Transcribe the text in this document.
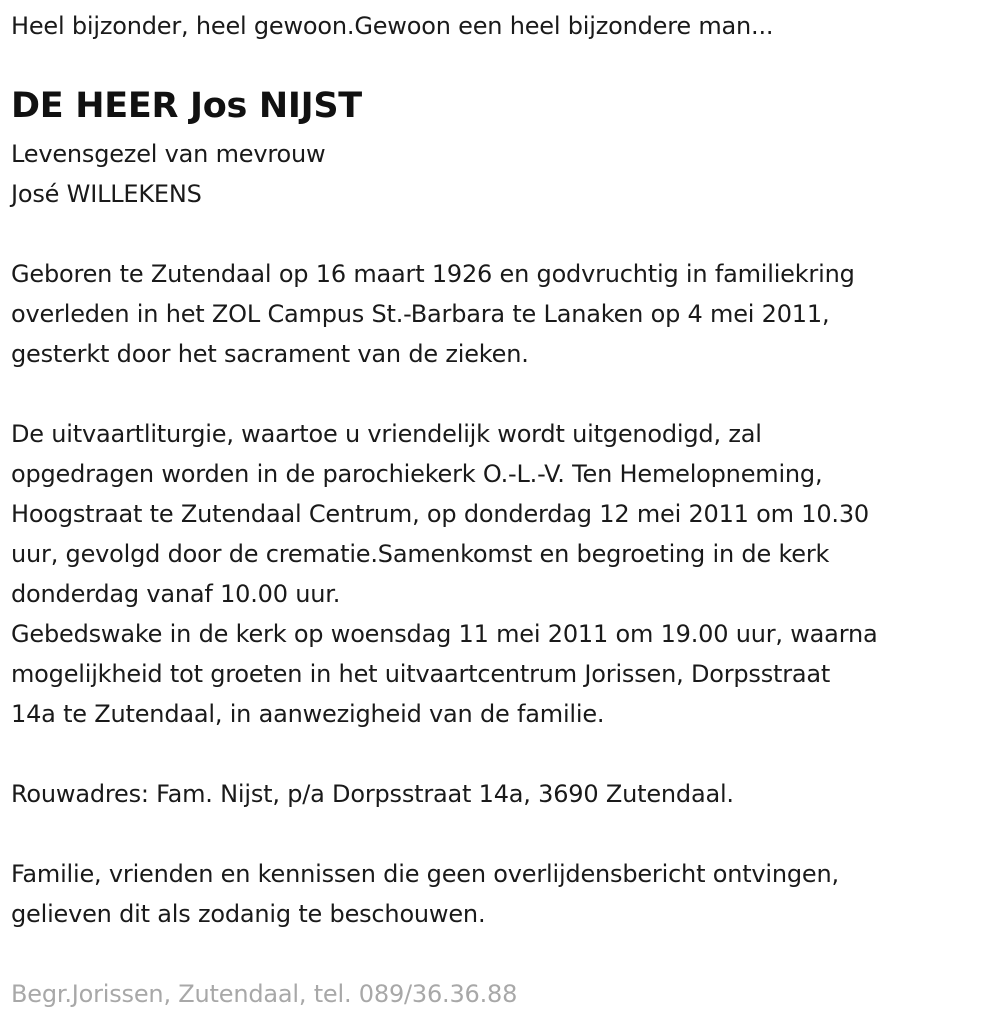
Heel bijzonder, heel gewoon.Gewoon een heel bijzondere man...
DE HEER Jos NIJST
Levensgezel van mevrouw
José WILLEKENS
Geboren te Zutendaal op 16 maart 1926 en godvruchtig in familiekring
overleden in het ZOL Campus St.-Barbara te Lanaken op 4 mei 2011,
gesterkt door het sacrament van de zieken.
De uitvaartliturgie, waartoe u vriendelijk wordt uitgenodigd, zal
opgedragen worden in de parochiekerk O.-L.-V. Ten Hemelopneming,
Hoogstraat te Zutendaal Centrum, op donderdag 12 mei 2011 om 10.30
uur, gevolgd door de crematie.Samenkomst en begroeting in de kerk
donderdag vanaf 10.00 uur.
Gebedswake in de kerk op woensdag 11 mei 2011 om 19.00 uur, waarna
mogelijkheid tot groeten in het uitvaartcentrum Jorissen, Dorpsstraat
14a te Zutendaal, in aanwezigheid van de familie.
Rouwadres: Fam. Nijst, p/a Dorpsstraat 14a, 3690 Zutendaal.
Familie, vrienden en kennissen die geen overlijdensbericht ontvingen,
gelieven dit als zodanig te beschouwen.
Begr.Jorissen, Zutendaal, tel. 089/36.36.88
